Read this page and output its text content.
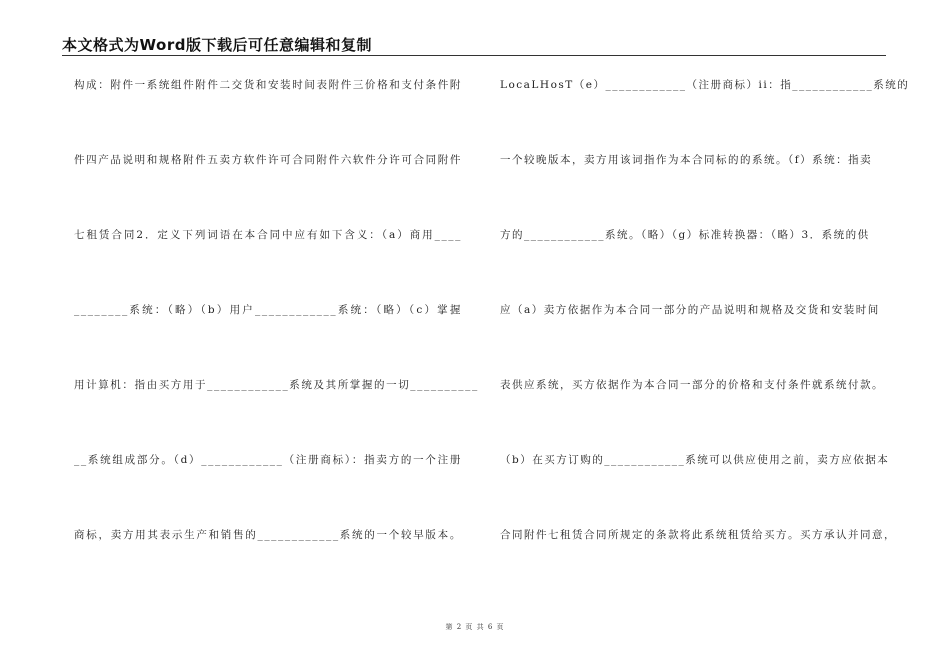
本文格式为Word版下载后可任意编辑和复制
构成：附件一系统组件附件二交货和安装时间表附件三价格和支付条件附
件四产品说明和规格附件五卖方软件许可合同附件六软件分许可合同附件
七租赁合同2．定义下列词语在本合同中应有如下含义：（a）商用____
________系统：（略）（b）用户____________系统：（略）（c）掌握
用计算机：指由买方用于____________系统及其所掌握的一切__________
__系统组成部分。（d）____________（注册商标）：指卖方的一个注册
商标，卖方用其表示生产和销售的____________系统的一个较早版本。
LocaLHosT（e）____________（注册商标）ii：指____________系统的
一个较晚版本，卖方用该词指作为本合同标的的系统。（f）系统：指卖
方的____________系统。（略）（g）标准转换器：（略）3．系统的供
应（a）卖方依据作为本合同一部分的产品说明和规格及交货和安装时间
表供应系统，买方依据作为本合同一部分的价格和支付条件就系统付款。
（b）在买方订购的____________系统可以供应使用之前，卖方应依据本
合同附件七租赁合同所规定的条款将此系统租赁给买方。买方承认并同意，
第 2 页 共 6 页
